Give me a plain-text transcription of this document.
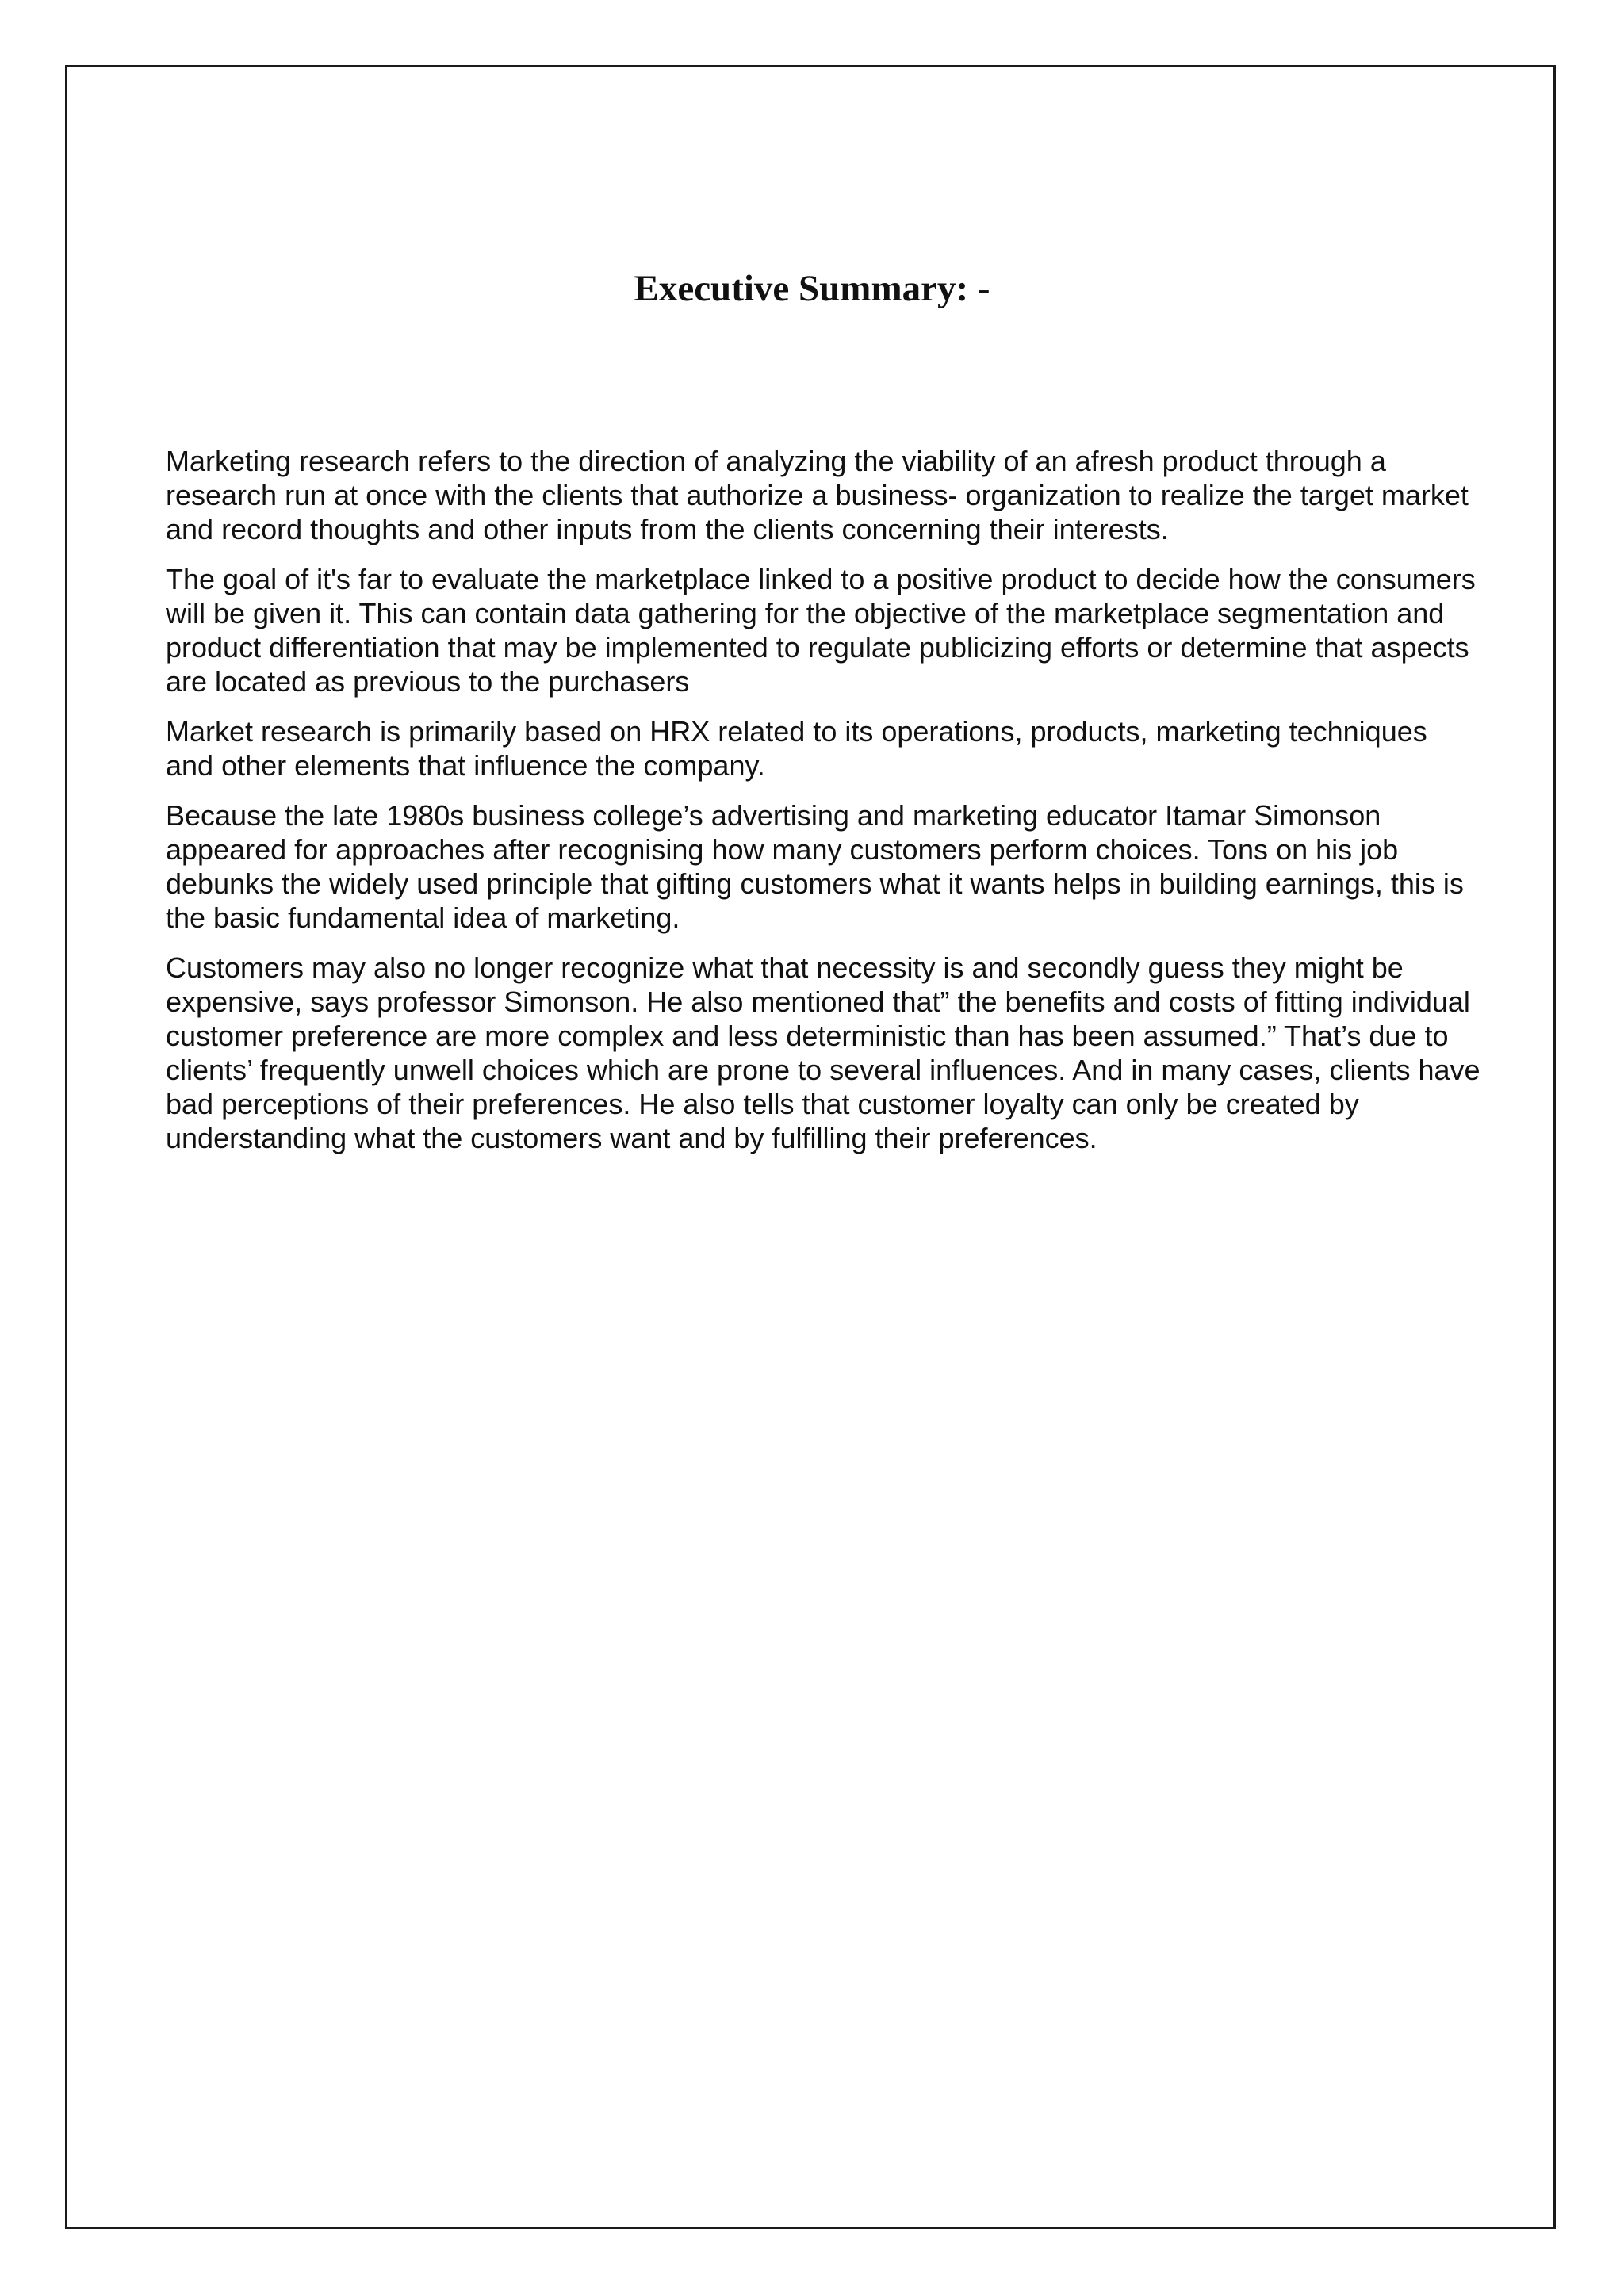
Executive Summary: -

Marketing research refers to the direction of analyzing the viability of an afresh product through a research run at once with the clients that authorize a business- organization to realize the target market and record thoughts and other inputs from the clients concerning their interests.

The goal of it's far to evaluate the marketplace linked to a positive product to decide how the consumers will be given it. This can contain data gathering for the objective of the marketplace segmentation and product differentiation that may be implemented to regulate publicizing efforts or determine that aspects are located as previous to the purchasers

Market research is primarily based on HRX related to its operations, products, marketing techniques and other elements that influence the company.

Because the late 1980s business college’s advertising and marketing educator Itamar Simonson appeared for approaches after recognising how many customers perform choices. Tons on his job debunks the widely used principle that gifting customers what it wants helps in building earnings, this is the basic fundamental idea of marketing.

Customers may also no longer recognize what that necessity is and secondly guess they might be expensive, says professor Simonson. He also mentioned that” the benefits and costs of fitting individual customer preference are more complex and less deterministic than has been assumed.” That’s due to clients’ frequently unwell choices which are prone to several influences. And in many cases, clients have bad perceptions of their preferences. He also tells that customer loyalty can only be created by understanding what the customers want and by fulfilling their preferences.
